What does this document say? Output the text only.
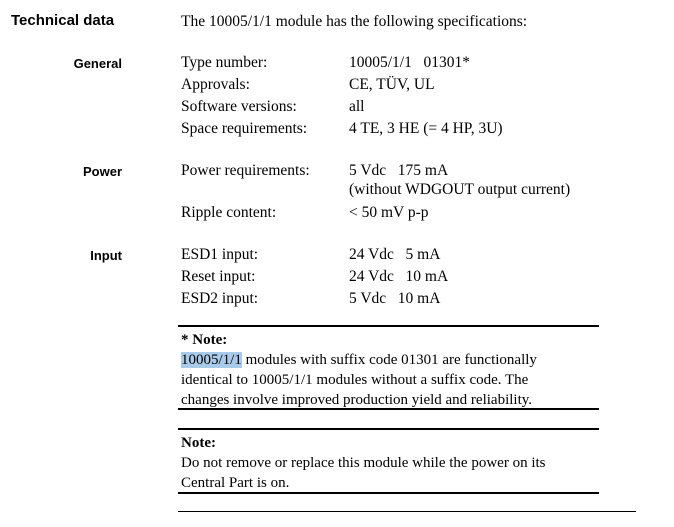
Technical data	The 10005/1/1 module has the following specifications:
General	Type number:	10005/1/1   01301*
Approvals:	CE, TÜV, UL
Software versions:	all
Space requirements:	4 TE, 3 HE (= 4 HP, 3U)
Power	Power requirements:	5 Vdc   175 mA
(without WDGOUT output current)
Ripple content:	< 50 mV p-p
Input	ESD1 input:	24 Vdc   5 mA
Reset input:	24 Vdc   10 mA
ESD2 input:	5 Vdc   10 mA
* Note:
10005/1/1 modules with suffix code 01301 are functionally
identical to 10005/1/1 modules without a suffix code. The
changes involve improved production yield and reliability.
Note:
Do not remove or replace this module while the power on its
Central Part is on.
